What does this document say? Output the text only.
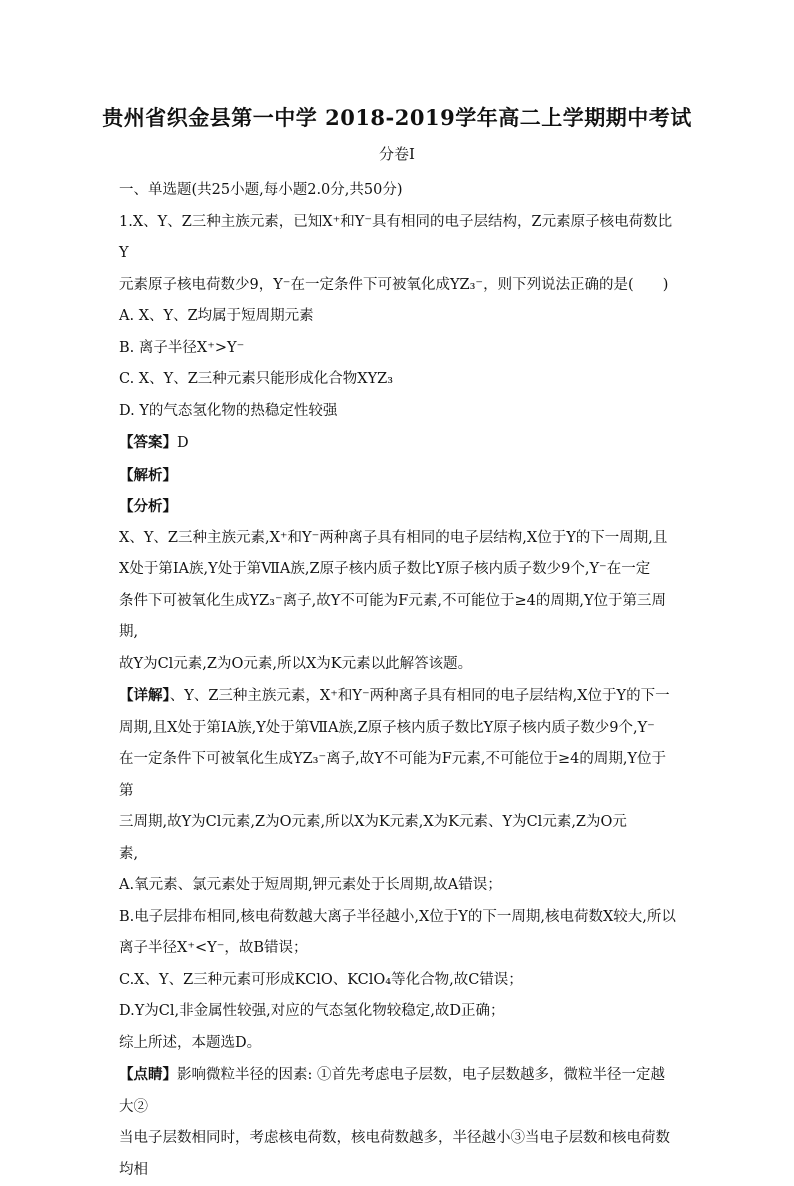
贵州省织金县第一中学 2018-2019学年高二上学期期中考试
分卷I

一、单选题(共25小题,每小题2.0分,共50分)

1.X、Y、Z三种主族元素，已知X⁺和Y⁻具有相同的电子层结构，Z元素原子核电荷数比Y

元素原子核电荷数少9，Y⁻在一定条件下可被氧化成YZ₃⁻，则下列说法正确的是(　　)

A. X、Y、Z均属于短周期元素

B. 离子半径X⁺>Y⁻

C. X、Y、Z三种元素只能形成化合物XYZ₃

D. Y的气态氢化物的热稳定性较强

【答案】D

【解析】

【分析】

X、Y、Z三种主族元素,X⁺和Y⁻两种离子具有相同的电子层结构,X位于Y的下一周期,且

X处于第ⅠA族,Y处于第ⅦA族,Z原子核内质子数比Y原子核内质子数少9个,Y⁻在一定

条件下可被氧化生成YZ₃⁻离子,故Y不可能为F元素,不可能位于≥4的周期,Y位于第三周期,

故Y为Cl元素,Z为O元素,所以X为K元素以此解答该题。

【详解】、Y、Z三种主族元素，X⁺和Y⁻两种离子具有相同的电子层结构,X位于Y的下一

周期,且X处于第ⅠA族,Y处于第ⅦA族,Z原子核内质子数比Y原子核内质子数少9个,Y⁻

在一定条件下可被氧化生成YZ₃⁻离子,故Y不可能为F元素,不可能位于≥4的周期,Y位于第

三周期,故Y为Cl元素,Z为O元素,所以X为K元素,X为K元素、Y为Cl元素,Z为O元

素,

A.氧元素、氯元素处于短周期,钾元素处于长周期,故A错误；

B.电子层排布相同,核电荷数越大离子半径越小,X位于Y的下一周期,核电荷数X较大,所以

离子半径X⁺<Y⁻，故B错误；

C.X、Y、Z三种元素可形成KClO、KClO₄等化合物,故C错误；

D.Y为Cl,非金属性较强,对应的气态氢化物较稳定,故D正确；

综上所述，本题选D。

【点睛】影响微粒半径的因素: ①首先考虑电子层数，电子层数越多，微粒半径一定越大②

当电子层数相同时，考虑核电荷数，核电荷数越多，半径越小③当电子层数和核电荷数均相
